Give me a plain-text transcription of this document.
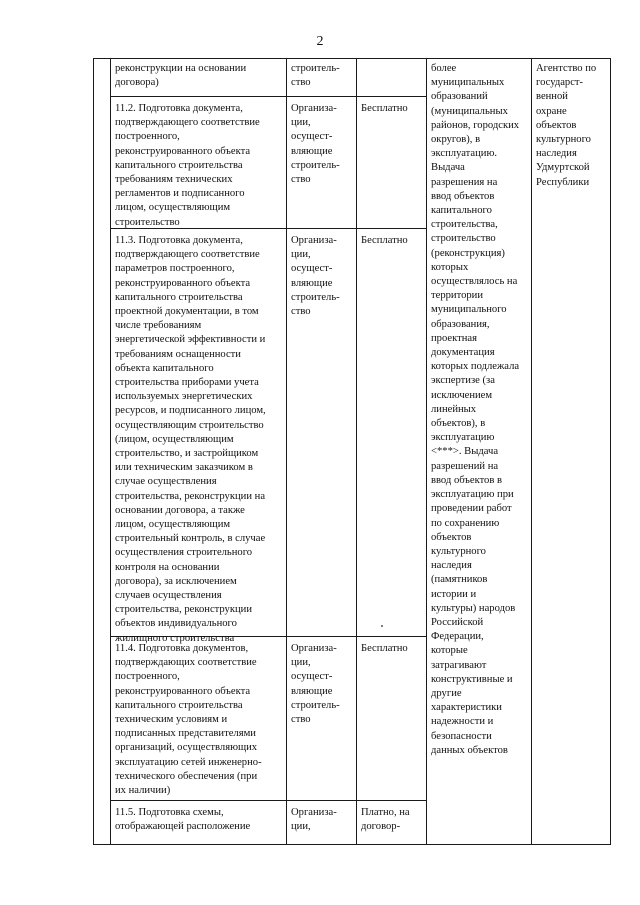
2

реконструкции на основании
договора)

строитель-
ство

11.2. Подготовка документа,
подтверждающего соответствие
построенного,
реконструированного объекта
капитального строительства
требованиям технических
регламентов и подписанного
лицом, осуществляющим
строительство

Организа-
ции,
осущест-
вляющие
строитель-
ство

Бесплатно

11.3. Подготовка документа,
подтверждающего соответствие
параметров построенного,
реконструированного объекта
капитального строительства
проектной документации, в том
числе требованиям
энергетической эффективности и
требованиям оснащенности
объекта капитального
строительства приборами учета
используемых энергетических
ресурсов, и подписанного лицом,
осуществляющим строительство
(лицом, осуществляющим
строительство, и застройщиком
или техническим заказчиком в
случае осуществления
строительства, реконструкции на
основании договора, а также
лицом, осуществляющим
строительный контроль, в случае
осуществления строительного
контроля на основании
договора), за исключением
случаев осуществления
строительства, реконструкции
объектов индивидуального
жилищного строительства

Организа-
ции,
осущест-
вляющие
строитель-
ство

Бесплатно

11.4. Подготовка документов,
подтверждающих соответствие
построенного,
реконструированного объекта
капитального строительства
техническим условиям и
подписанных представителями
организаций, осуществляющих
эксплуатацию сетей инженерно-
технического обеспечения (при
их наличии)

Организа-
ции,
осущест-
вляющие
строитель-
ство

Бесплатно

11.5. Подготовка схемы,
отображающей расположение

Организа-
ции,

Платно, на
договор-

более
муниципальных
образований
(муниципальных
районов, городских
округов), в
эксплуатацию.
Выдача
разрешения на
ввод объектов
капитального
строительства,
строительство
(реконструкция)
которых
осуществлялось на
территории
муниципального
образования,
проектная
документация
которых подлежала
экспертизе (за
исключением
линейных
объектов), в
эксплуатацию
<***>. Выдача
разрешений на
ввод объектов в
эксплуатацию при
проведении работ
по сохранению
объектов
культурного
наследия
(памятников
истории и
культуры) народов
Российской
Федерации,
которые
затрагивают
конструктивные и
другие
характеристики
надежности и
безопасности
данных объектов

Агентство по
государст-
венной
охране
объектов
культурного
наследия
Удмуртской
Республики
